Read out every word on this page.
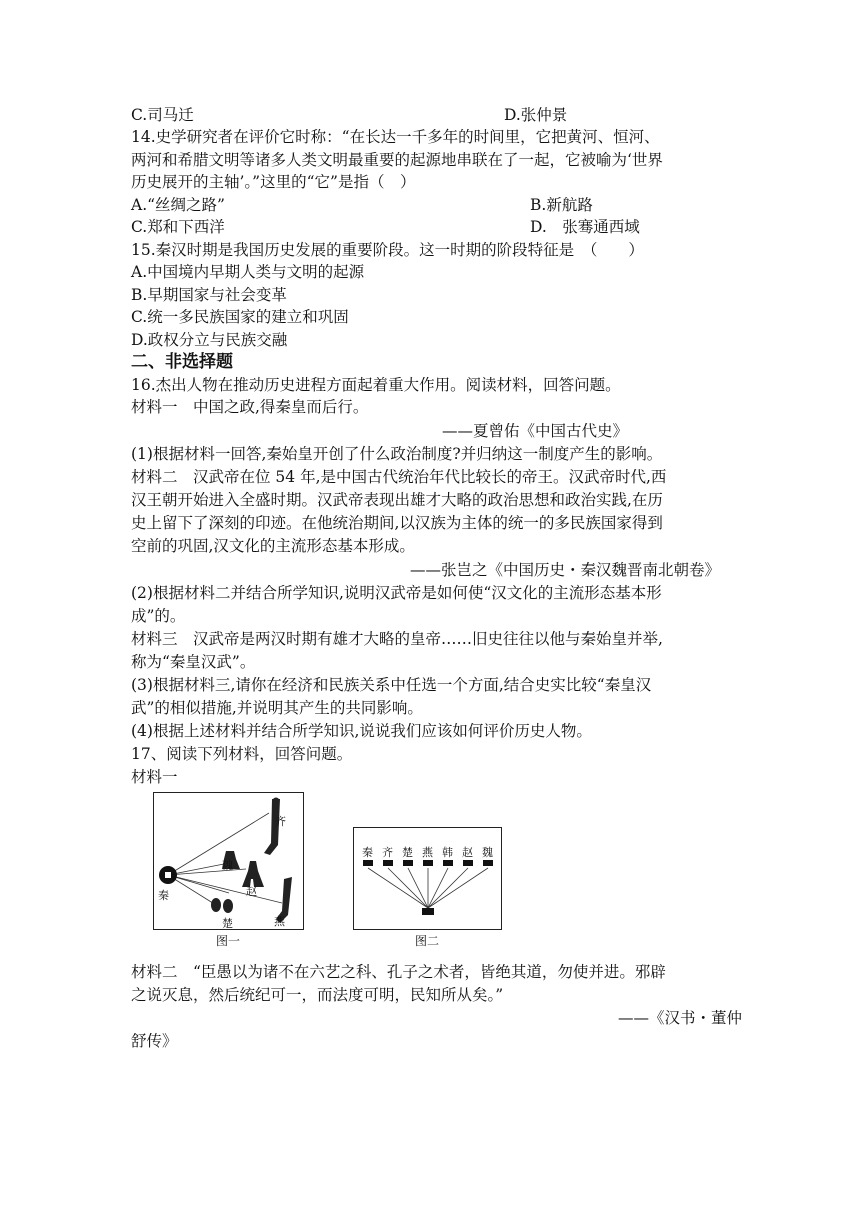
C.司马迁	D.张仲景
14.史学研究者在评价它时称：“在长达一千多年的时间里，它把黄河、恒河、
两河和希腊文明等诸多人类文明最重要的起源地串联在了一起，它被喻为‘世界
历史展开的主轴’。”这里的“它”是指（　）
A.“丝绸之路”	B.新航路
C.郑和下西洋	D.　张骞通西域
15.秦汉时期是我国历史发展的重要阶段。这一时期的阶段特征是　（　　）
A.中国境内早期人类与文明的起源
B.早期国家与社会变革
C.统一多民族国家的建立和巩固
D.政权分立与民族交融
二、非选择题
16.杰出人物在推动历史进程方面起着重大作用。阅读材料，回答问题。
材料一　中国之政,得秦皇而后行。
——夏曾佑《中国古代史》
(1)根据材料一回答,秦始皇开创了什么政治制度?并归纳这一制度产生的影响。
材料二　汉武帝在位 54 年,是中国古代统治年代比较长的帝王。汉武帝时代,西
汉王朝开始进入全盛时期。汉武帝表现出雄才大略的政治思想和政治实践,在历
史上留下了深刻的印迹。在他统治期间,以汉族为主体的统一的多民族国家得到
空前的巩固,汉文化的主流形态基本形成。
——张岂之《中国历史・秦汉魏晋南北朝卷》
(2)根据材料二并结合所学知识,说明汉武帝是如何使“汉文化的主流形态基本形
成”的。
材料三　汉武帝是两汉时期有雄才大略的皇帝……旧史往往以他与秦始皇并举,
称为“秦皇汉武”。
(3)根据材料三,请你在经济和民族关系中任选一个方面,结合史实比较“秦皇汉
武”的相似措施,并说明其产生的共同影响。
(4)根据上述材料并结合所学知识,说说我们应该如何评价历史人物。
17、阅读下列材料，回答问题。
材料一
齐
魏
赵
秦
楚	燕
图一
秦 齐 楚 燕 韩 赵 魏
图二
材料二　“臣愚以为诸不在六艺之科、孔子之术者，皆绝其道，勿使并进。邪辟
之说灭息，然后统纪可一，而法度可明，民知所从矣。”
——《汉书・董仲
舒传》
